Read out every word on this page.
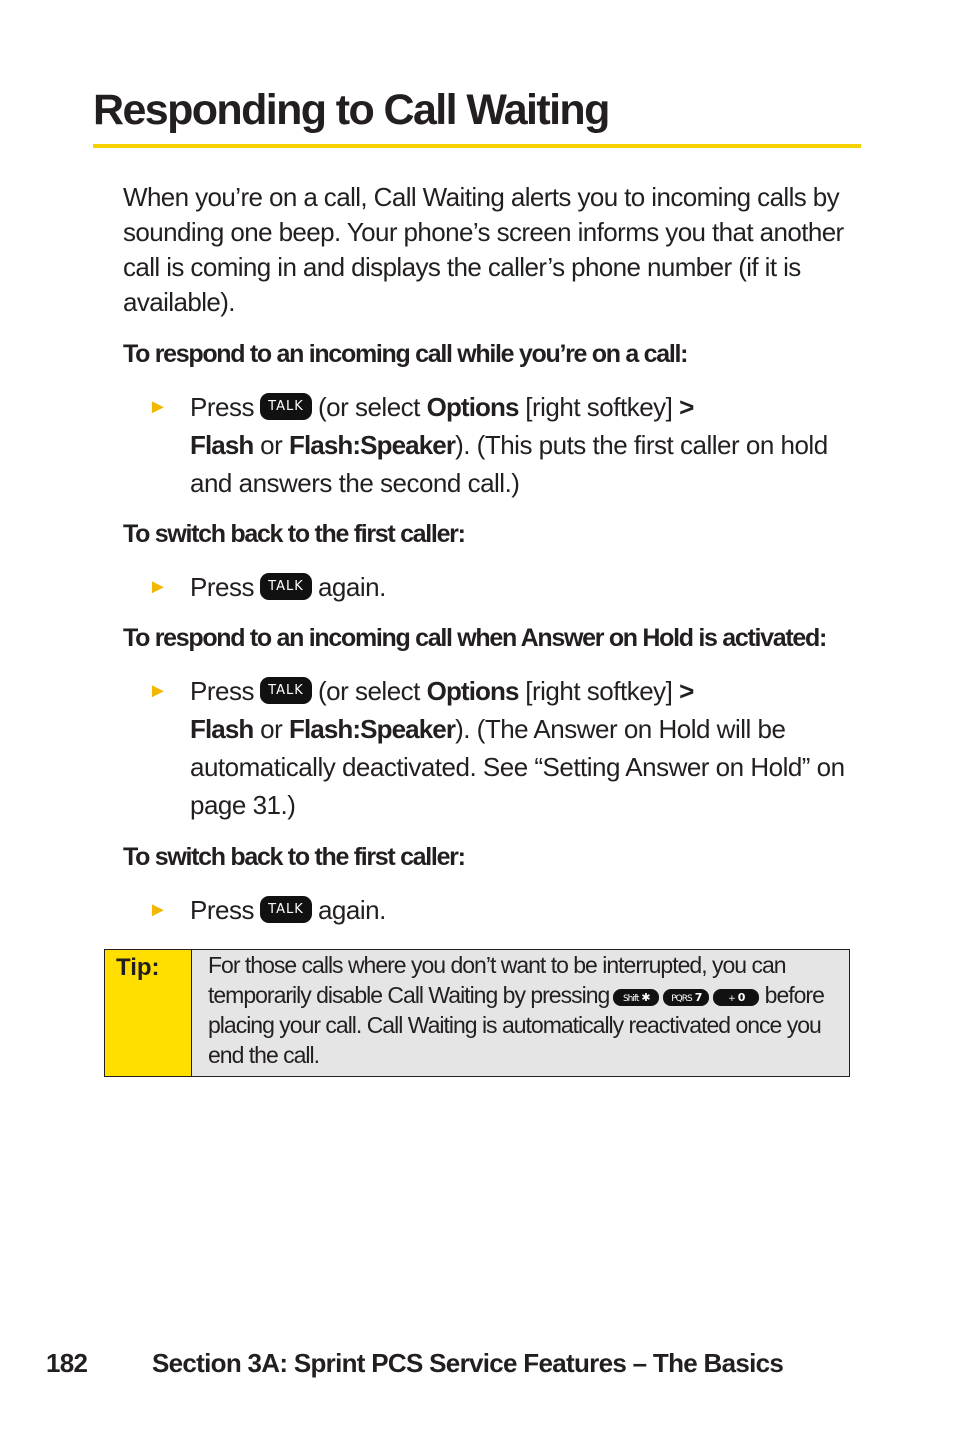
Responding to Call Waiting

When you’re on a call, Call Waiting alerts you to incoming calls by sounding one beep. Your phone’s screen informs you that another call is coming in and displays the caller’s phone number (if it is available).

To respond to an incoming call while you’re on a call:
► Press TALK (or select Options [right softkey] >
Flash or Flash:Speaker). (This puts the first caller on hold and answers the second call.)
To switch back to the first caller:
► Press TALK again.
To respond to an incoming call when Answer on Hold is activated:
► Press TALK (or select Options [right softkey] >
Flash or Flash:Speaker). (The Answer on Hold will be automatically deactivated. See “Setting Answer on Hold” on page 31.)
To switch back to the first caller:
► Press TALK again.
Tip: For those calls where you don’t want to be interrupted, you can temporarily disable Call Waiting by pressing Shift ✱ PQRS 7	+ 0 before placing your call. Call Waiting is automatically reactivated once you end the call.
182 Section 3A: Sprint PCS Service Features – The Basics
